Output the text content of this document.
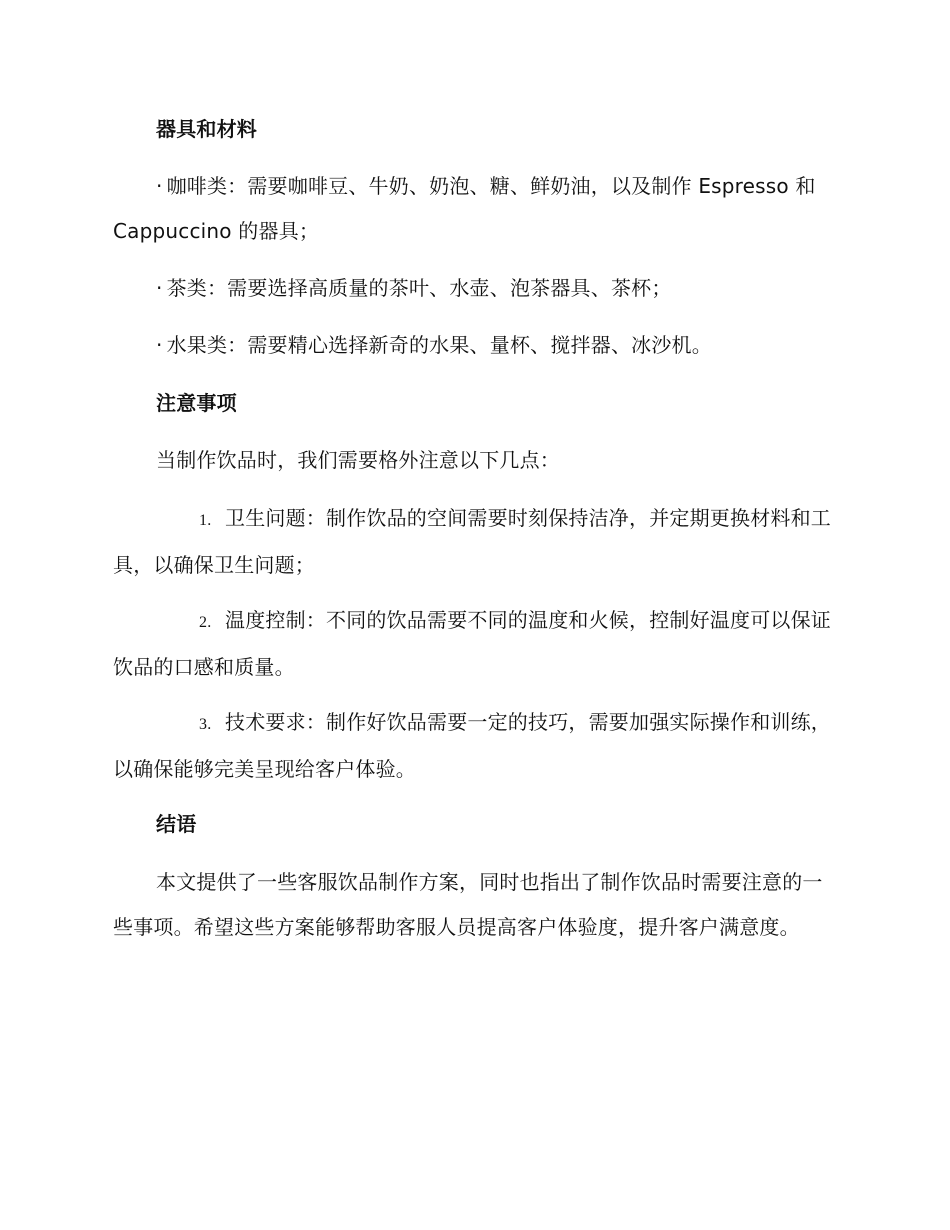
器具和材料
· 咖啡类：需要咖啡豆、牛奶、奶泡、糖、鲜奶油，以及制作 Espresso 和 Cappuccino 的器具；
· 茶类：需要选择高质量的茶叶、水壶、泡茶器具、茶杯；
· 水果类：需要精心选择新奇的水果、量杯、搅拌器、冰沙机。
注意事项
当制作饮品时，我们需要格外注意以下几点：
1. 卫生问题：制作饮品的空间需要时刻保持洁净，并定期更换材料和工具，以确保卫生问题；
2. 温度控制：不同的饮品需要不同的温度和火候，控制好温度可以保证饮品的口感和质量。
3. 技术要求：制作好饮品需要一定的技巧，需要加强实际操作和训练，以确保能够完美呈现给客户体验。
结语
本文提供了一些客服饮品制作方案，同时也指出了制作饮品时需要注意的一些事项。希望这些方案能够帮助客服人员提高客户体验度，提升客户满意度。
